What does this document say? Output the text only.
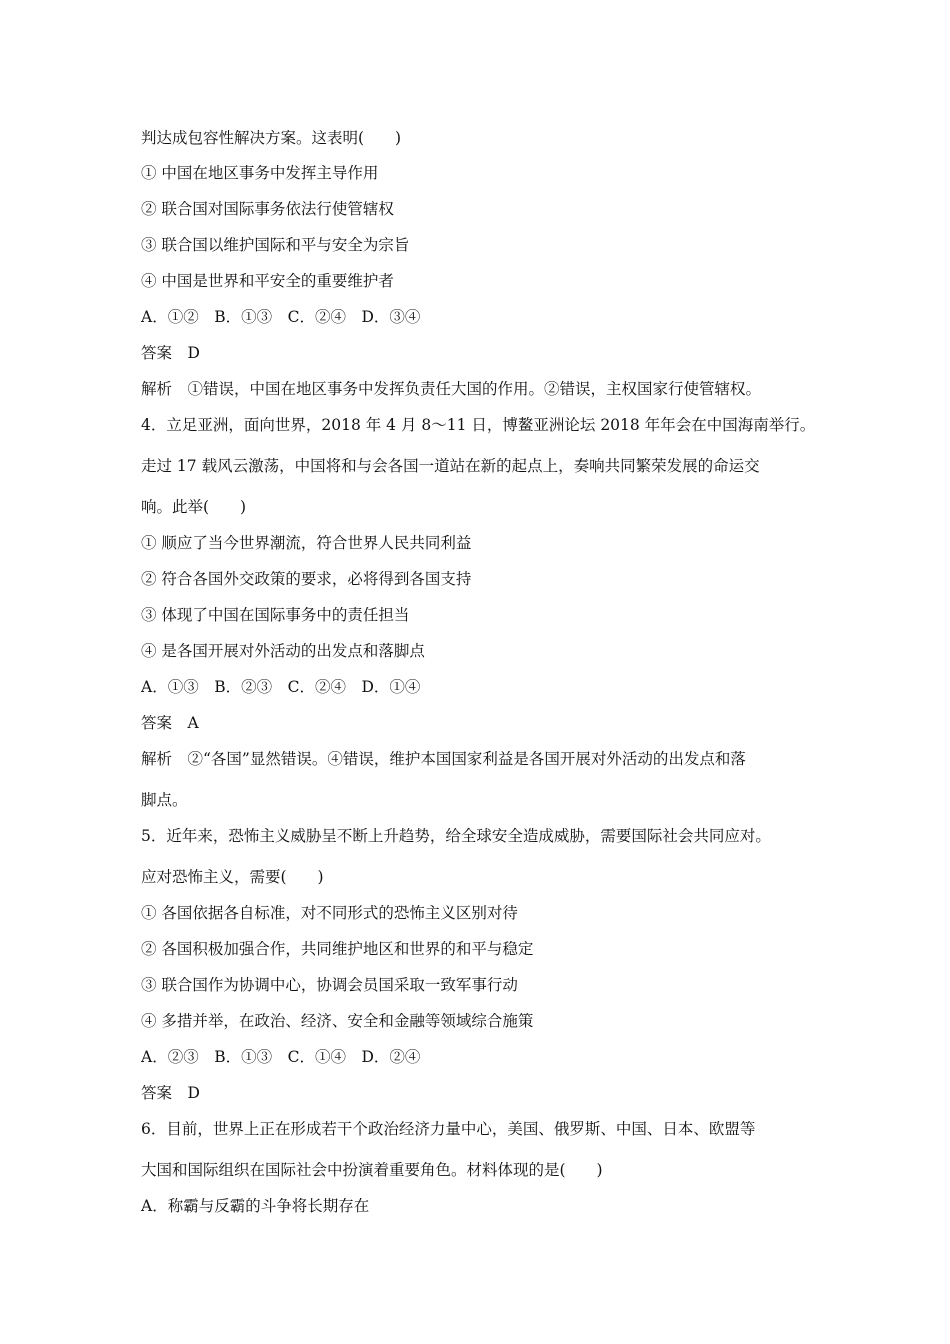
判达成包容性解决方案。这表明(　　)
① 中国在地区事务中发挥主导作用
② 联合国对国际事务依法行使管辖权
③ 联合国以维护国际和平与安全为宗旨
④ 中国是世界和平安全的重要维护者
A．①②　B．①③　C．②④　D．③④
答案　D
解析　①错误，中国在地区事务中发挥负责任大国的作用。②错误，主权国家行使管辖权。
4．立足亚洲，面向世界，2018 年 4 月 8～11 日，博鳌亚洲论坛 2018 年年会在中国海南举行。
走过 17 载风云激荡，中国将和与会各国一道站在新的起点上，奏响共同繁荣发展的命运交
响。此举(　　)
① 顺应了当今世界潮流，符合世界人民共同利益
② 符合各国外交政策的要求，必将得到各国支持
③ 体现了中国在国际事务中的责任担当
④ 是各国开展对外活动的出发点和落脚点
A．①③　B．②③　C．②④　D．①④
答案　A
解析　②“各国”显然错误。④错误，维护本国国家利益是各国开展对外活动的出发点和落
脚点。
5．近年来，恐怖主义威胁呈不断上升趋势，给全球安全造成威胁，需要国际社会共同应对。
应对恐怖主义，需要(　　)
① 各国依据各自标准，对不同形式的恐怖主义区别对待
② 各国积极加强合作，共同维护地区和世界的和平与稳定
③ 联合国作为协调中心，协调会员国采取一致军事行动
④ 多措并举，在政治、经济、安全和金融等领域综合施策
A．②③　B．①③　C．①④　D．②④
答案　D
6．目前，世界上正在形成若干个政治经济力量中心，美国、俄罗斯、中国、日本、欧盟等
大国和国际组织在国际社会中扮演着重要角色。材料体现的是(　　)
A．称霸与反霸的斗争将长期存在
